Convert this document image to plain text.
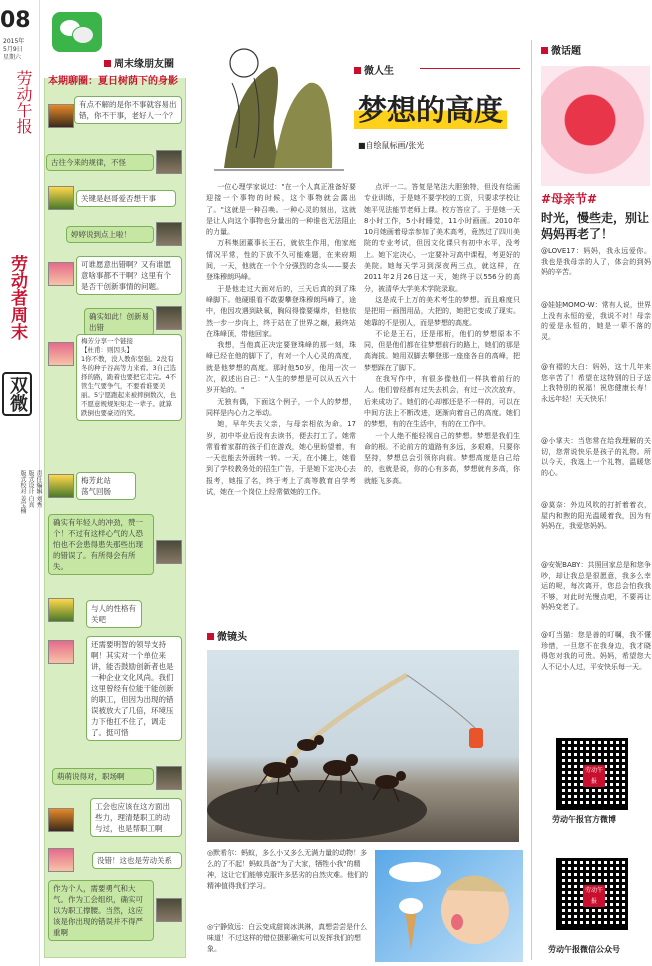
08
2015年
5月9日
星期六
劳动午报
劳动者周末
双微
责任编辑 刘秀
版式设计 白真
版式校对 姜宝楠
周末缘朋友圈
本期聊圈：夏日树荫下的身影
有点不解的是你不事就容易出错，你不干事，老好人一个？
古往今来的规律，不怪
关键是赵哥爱否想干事
婷婷说到点上啦！
可谁愿意出错啊？又有谁愿意啥事都不干啊？这里有个是否干创新事情的问题。
确实如此！创新易出错
梅芳分享一个链接
【杜甫：则因头】
1你不教，没人教你坚强。2没有冬的种子谷高等力来看。3自己选择的路，跪着也要把它走完。4不管生气要争气，不要看谁要美丽。5宁愿跑起来被摔倒数次，也不愿意规规矩矩走一辈子。就算跌倒也要豪迈的笑。
梅芳此站
荡气回肠
确实有年轻人的冲劲，赞一个！不过有这样心气的人恐怕也不会患得患失那些出现的错误了。有所得会有所失。
与人的性格有关吧
还需要明智的领导支持啊！其实对一个单位来讲，能否鼓励创新者也是一种企业文化风尚。我们这里曾经有位能干能创新的职工，但因为出现的错误被放大了几倍，环境压力下他扛不住了，调走了。挺可惜
萌萌说得对，职场啊
工会也应该在这方面出些力，理清楚职工的动与过，也是帮职工啊
没错！这也是劳动关系
作为个人，需要勇气和大气。作为工会组织，确实可以为职工撑腰。当然，这应该是你出现的错误并不得严重啊
微人生
梦想的高度
■自绘鼠标画/张光

一位心理学家说过："在一个人真正准备好要迎接一个事物的时候，这个事物就会露出了。"这就是一种召唤。一种心灵的刻出，这就是让人向这个事物也分量出的一种谁也无法阻止的力量。

万科集团董事长王石，就依生作用，他家庭情况平常，性的下放不久可能难题，在来府期间，一天，他就在一个个分强烈的念头——要去登珠穆朗玛峰。

于是他走过大面对后的，三天后真的到了珠峰脚下。他硬眼看不敢要攀登珠穆朗玛峰了，途中，他因攻遇到缺氧，胸闷得像要爆炸，但他依然一步一步向上，终于站在了世界之巅，最终站在珠峰顶，带他回家。

我想，当他真正决定要登珠峰的那一刻，珠峰已经在他的脚下了，有对一个人心灵的高度，就是他梦想的高度。那时他50岁，他用一次一次，叙述出自己："人生的梦想是可以从五六十岁开始的。"

无独有偶，下面这个例子，一个人的梦想，同样是内心力之举动。

她，早年失去父亲，与母亲相依为命。17岁，初中毕业后没有去读书，便去打工了。她常常看着家群的孩子们在游戏，她心里盼望着，有一天也能去外面转一转。一天，在小摊上，她看到了学校教务处的招生广告，于是她下定决心去报考，她报了名，终于考上了高等教育自学考试，她在一个岗位上经常做她的工作。

点评一二。答复是笔法大胆独特，但没有绘画专业训练，于是她不要学校的工资，只要求学校让她平见法能节老师上课。校方答应了。于是她一天8小时工作，5小时睡觉，11小时画画。2010年10月她画着母亲参加了美术高考，竟然过了四川美院的专业考试，但因文化课只有初中水平，没考上。她下定决心，一定要补习高中课程，考更好的美院。她每天学习到深夜两三点，就这样，在2011年2月26日这一天，她终于以556分的高分，被清华大学美术学院录取。

这是成千上万的美术考生的梦想。而且难度只是把用一画图用品，大把的，她把它变成了现实。她靠的不是别人，而是梦想的高度。

不论是王石，还是邢桁，他们的梦想原本不同，但是他们都在往梦想前行的路上，她们的那是高海拔。她用双脚去攀登那一座座各自的高峰，把梦想踩在了脚下。

在我写作中，有很多像他们一样执着前行的人。他们曾经都有过失去机会，有过一次次放弃，后来成功了。她们的心却都还是不一样的，可以在中间方法上不断改进，逐渐向着自己的高度。她们的梦想，有的在生活中，有的在工作中。

一个人绝不能轻视自己的梦想。梦想是我们生命的根。不论前方的道路有多远，多艰难，只要你坚持，梦想总会引领你向前。梦想高度是自己给的，也就是说，你的心有多高，梦想就有多高，你就能飞多高。

微镜头
◎默希尔：蚂蚁，多么小又多么无满力量的动物！多么的了不起！蚂蚁具备"为了大家，牺牲小我"的精神，这让它们能够克服许多恶劣的自然灾难。他们的精神值得我们学习。
◎宁静致远：白云变成甜筒冰淇淋，真想尝尝是什么味道！不过这样的错位摄影确实可以发挥我们的想象。
微话题
#母亲节#
时光，慢些走，别让妈妈再老了！
@LOVE17：妈妈，我永远爱你。我也是我母亲的人了，体会的到妈妈的辛苦。
@娃娃MOMO-W：常有人说，世界上没有永恒的爱，我说不对！母亲的爱是永恒的，她是一辈不落的灵。
@有褶的大白：妈妈，这十几年来您辛苦了！希望在这特别的日子送上我特别的祝福！祝您健康长寿！永远年轻！天天快乐！
@小掌夫：当您常在给我理解的关切，您常说快乐是孩子的礼物。所以今天，我选上一个礼物，温暖您的心。
@莫奈：外边风吹的打折着着衣，屋内和煦的阳光温暖着我，因为有妈妈在，我爱您妈妈。
@安妮BABY：共照回家总是和您争吵，却让我总是很愿意，我多么幸运的呢，每次离开，您总会怕我我不够，对此时光慢点吧，不要再让妈妈变老了。
@叮当猫：您是善的叮嘱，我不懂珍惜，一旦您不在我身边，我才晓得您对我的可贵。妈妈，希望您大人不记小人过，平安快乐每一天。
劳动午报
劳动午报官方微博
劳动午报
劳动午报微信公众号
